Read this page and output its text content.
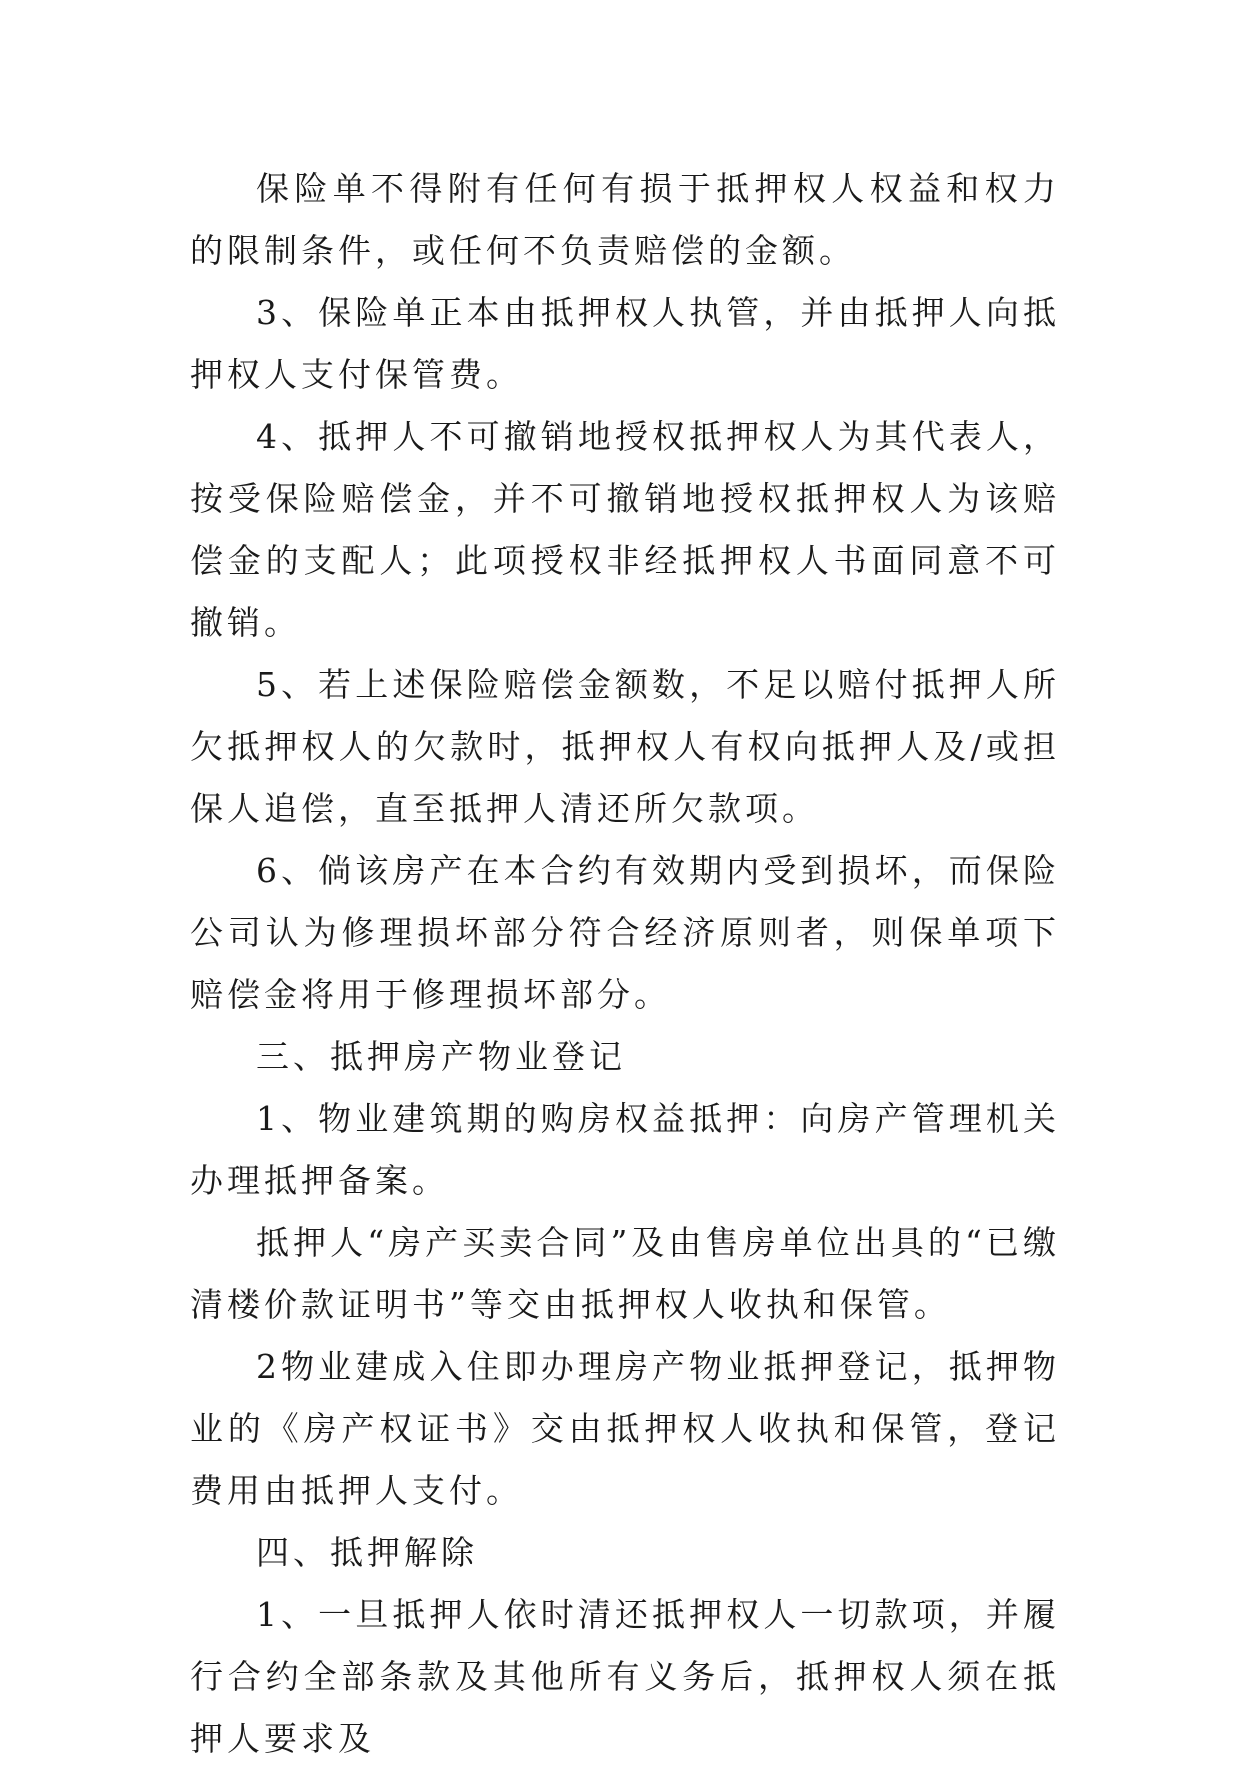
保险单不得附有任何有损于抵押权人权益和权力的限制条件，或任何不负责赔偿的金额。

3、保险单正本由抵押权人执管，并由抵押人向抵押权人支付保管费。

4、抵押人不可撤销地授权抵押权人为其代表人，按受保险赔偿金，并不可撤销地授权抵押权人为该赔偿金的支配人；此项授权非经抵押权人书面同意不可撤销。

5、若上述保险赔偿金额数，不足以赔付抵押人所欠抵押权人的欠款时，抵押权人有权向抵押人及/或担保人追偿，直至抵押人清还所欠款项。

6、倘该房产在本合约有效期内受到损坏，而保险公司认为修理损坏部分符合经济原则者，则保单项下赔偿金将用于修理损坏部分。

三、抵押房产物业登记

1、物业建筑期的购房权益抵押：向房产管理机关办理抵押备案。

抵押人“房产买卖合同”及由售房单位出具的“已缴清楼价款证明书”等交由抵押权人收执和保管。

2物业建成入住即办理房产物业抵押登记，抵押物业的《房产权证书》交由抵押权人收执和保管，登记费用由抵押人支付。

四、抵押解除

1、一旦抵押人依时清还抵押权人一切款项，并履行合约全部条款及其他所有义务后，抵押权人须在抵押人要求及
